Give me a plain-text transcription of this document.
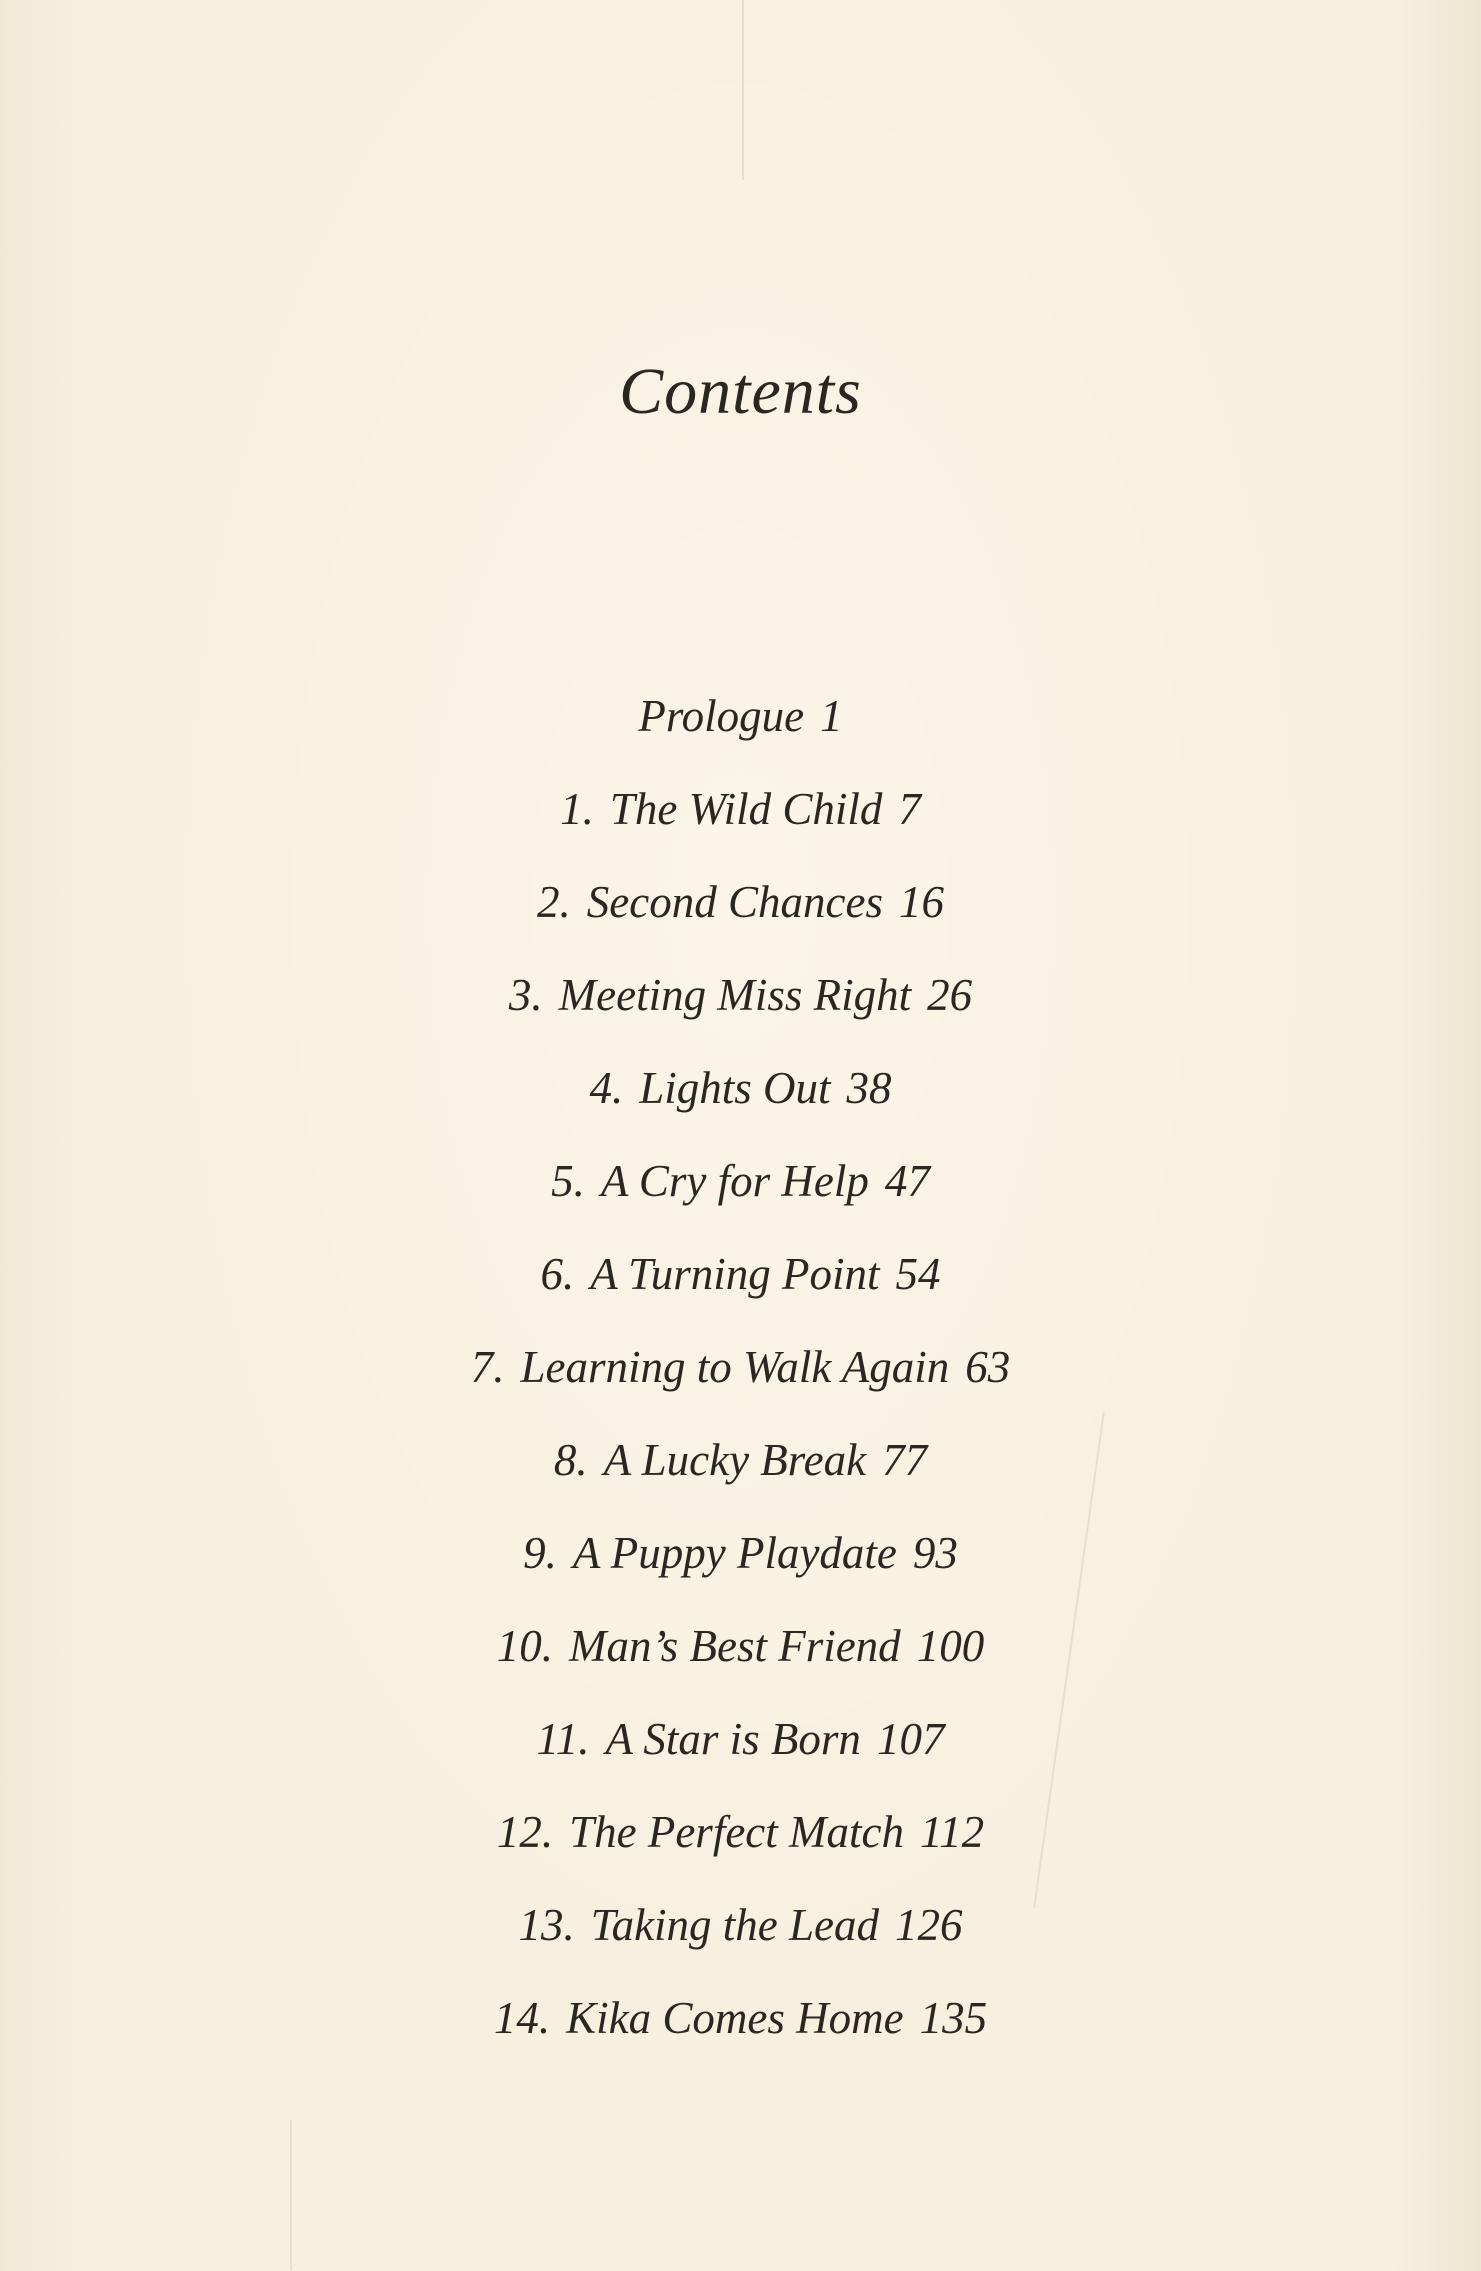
Contents
Prologue 1
1. The Wild Child 7
2. Second Chances 16
3. Meeting Miss Right 26
4. Lights Out 38
5. A Cry for Help 47
6. A Turning Point 54
7. Learning to Walk Again 63
8. A Lucky Break 77
9. A Puppy Playdate 93
10. Man’s Best Friend 100
11. A Star is Born 107
12. The Perfect Match 112
13. Taking the Lead 126
14. Kika Comes Home 135
